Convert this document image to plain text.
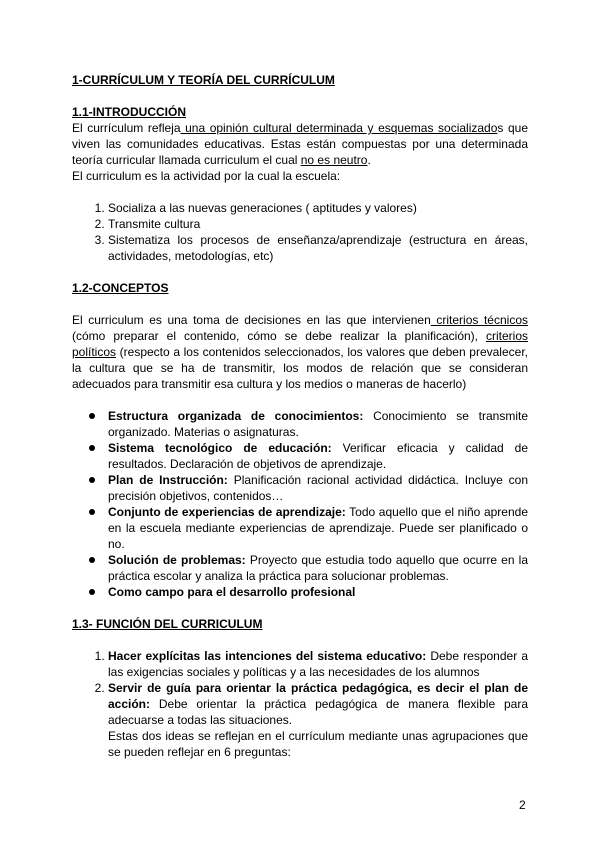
1-CURRÍCULUM Y TEORÍA DEL CURRÍCULUM
1.1-INTRODUCCIÓN

El currículum refleja una opinión cultural determinada y esquemas socializados que viven las comunidades educativas. Estas están compuestas por una determinada teoría curricular llamada curriculum el cual no es neutro.

El curriculum es la actividad por la cual la escuela:

1. Socializa a las nuevas generaciones ( aptitudes y valores)
2. Transmite cultura
3. Sistematiza los procesos de enseñanza/aprendizaje (estructura en áreas, actividades, metodologías, etc)
1.2-CONCEPTOS

El curriculum es una toma de decisiones en las que intervienen criterios técnicos (cómo preparar el contenido, cómo se debe realizar la planificación), criterios políticos (respecto a los contenidos seleccionados, los valores que deben prevalecer, la cultura que se ha de transmitir, los modos de relación que se consideran adecuados para transmitir esa cultura y los medios o maneras de hacerlo)

Estructura organizada de conocimientos: Conocimiento se transmite organizado. Materias o asignaturas.
Sistema tecnológico de educación: Verificar eficacia y calidad de resultados. Declaración de objetivos de aprendizaje.
Plan de Instrucción: Planificación racional actividad didáctica. Incluye con precisión objetivos, contenidos…
Conjunto de experiencias de aprendizaje: Todo aquello que el niño aprende en la escuela mediante experiencias de aprendizaje. Puede ser planificado o no.
Solución de problemas: Proyecto que estudia todo aquello que ocurre en la práctica escolar y analiza la práctica para solucionar problemas.
Como campo para el desarrollo profesional
1.3- FUNCIÓN DEL CURRICULUM
1. Hacer explícitas las intenciones del sistema educativo: Debe responder a las exigencias sociales y políticas y a las necesidades de los alumnos
2. Servir de guía para orientar la práctica pedagógica, es decir el plan de acción: Debe orientar la práctica pedagógica de manera flexible para adecuarse a todas las situaciones.
Estas dos ideas se reflejan en el currículum mediante unas agrupaciones que se pueden reflejar en 6 preguntas:
2
